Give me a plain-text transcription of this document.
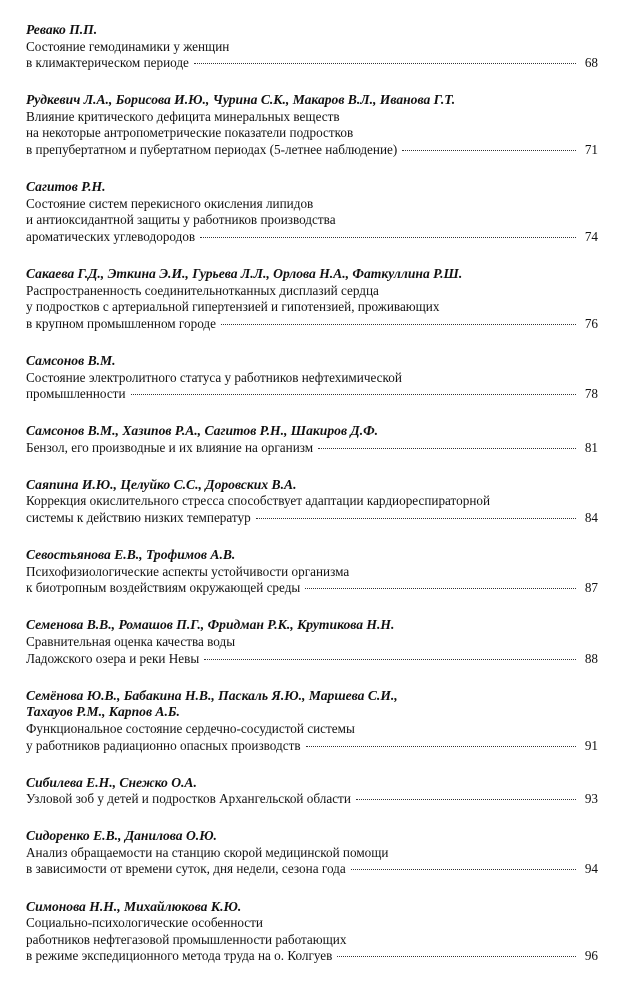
Ревако П.П.
Состояние гемодинамики у женщин
в климактерическом периоде	68
Рудкевич Л.А., Борисова И.Ю., Чурина С.К., Макаров В.Л., Иванова Г.Т.
Влияние критического дефицита минеральных веществ
на некоторые антропометрические показатели подростков
в препубертатном и пубертатном периодах (5-летнее наблюдение)	71
Сагитов Р.Н.
Состояние систем перекисного окисления липидов
и антиоксидантной защиты у работников производства
ароматических углеводородов	74
Сакаева Г.Д., Эткина Э.И., Гурьева Л.Л., Орлова Н.А., Фаткуллина Р.Ш.
Распространенность соединительнотканных дисплазий сердца
у подростков с артериальной гипертензией и гипотензией, проживающих
в крупном промышленном городе	76
Самсонов В.М.
Состояние электролитного статуса у работников нефтехимической
промышленности	78
Самсонов В.М., Хазипов Р.А., Сагитов Р.Н., Шакиров Д.Ф.
Бензол, его производные и их влияние на организм	81
Саяпина И.Ю., Целуйко С.С., Доровских В.А.
Коррекция окислительного стресса способствует адаптации кардиореспираторной
системы к действию низких температур	84
Севостьянова Е.В., Трофимов А.В.
Психофизиологические аспекты устойчивости организма
к биотропным воздействиям окружающей среды	87
Семенова В.В., Ромашов П.Г., Фридман Р.К., Крутикова Н.Н.
Сравнительная оценка качества воды
Ладожского озера и реки Невы	88
Семёнова Ю.В., Бабакина Н.В., Паскаль Я.Ю., Маршева С.И.,
Тахауов Р.М., Карпов А.Б.
Функциональное состояние сердечно-сосудистой системы
у работников радиационно опасных производств	91
Сибилева Е.Н., Снежко О.А.
Узловой зоб у детей и подростков Архангельской области	93
Сидоренко Е.В., Данилова О.Ю.
Анализ обращаемости на станцию скорой медицинской помощи
в зависимости от времени суток, дня недели, сезона года	94
Симонова Н.Н., Михайлюкова К.Ю.
Социально-психологические особенности
работников нефтегазовой промышленности работающих
в режиме экспедиционного метода труда на о. Колгуев	96
